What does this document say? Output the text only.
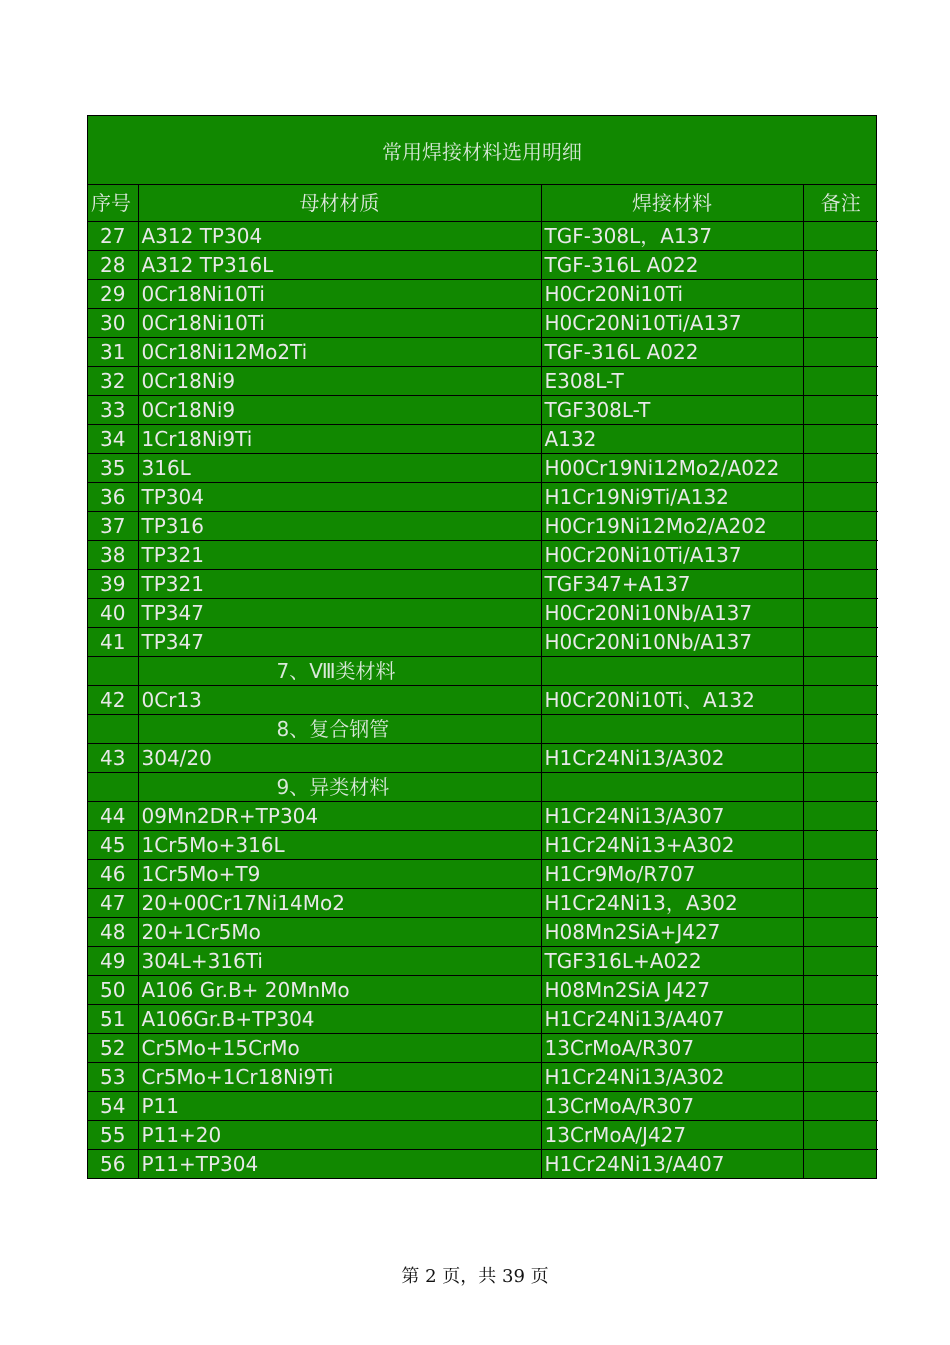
常用焊接材料选用明细
序号	母材材质	焊接材料	备注
27	A312 TP304	TGF-308L，A137	
28	A312 TP316L	TGF-316L A022	
29	0Cr18Ni10Ti	H0Cr20Ni10Ti	
30	0Cr18Ni10Ti	H0Cr20Ni10Ti/A137	
31	0Cr18Ni12Mo2Ti	TGF-316L A022	
32	0Cr18Ni9	E308L-T	
33	0Cr18Ni9	TGF308L-T	
34	1Cr18Ni9Ti	A132	
35	316L	H00Cr19Ni12Mo2/A022	
36	TP304	H1Cr19Ni9Ti/A132	
37	TP316	H0Cr19Ni12Mo2/A202	
38	TP321	H0Cr20Ni10Ti/A137	
39	TP321	TGF347+A137	
40	TP347	H0Cr20Ni10Nb/A137	
41	TP347	H0Cr20Ni10Nb/A137	
	7、Ⅷ类材料		
42	0Cr13	H0Cr20Ni10Ti、A132	
	8、复合钢管		
43	304/20	H1Cr24Ni13/A302	
	9、异类材料		
44	09Mn2DR+TP304	H1Cr24Ni13/A307	
45	1Cr5Mo+316L	H1Cr24Ni13+A302	
46	1Cr5Mo+T9	H1Cr9Mo/R707	
47	20+00Cr17Ni14Mo2	H1Cr24Ni13，A302	
48	20+1Cr5Mo	H08Mn2SiA+J427	
49	304L+316Ti	TGF316L+A022	
50	A106 Gr.B+ 20MnMo	H08Mn2SiA J427	
51	A106Gr.B+TP304	H1Cr24Ni13/A407	
52	Cr5Mo+15CrMo	13CrMoA/R307	
53	Cr5Mo+1Cr18Ni9Ti	H1Cr24Ni13/A302	
54	P11	13CrMoA/R307	
55	P11+20	13CrMoA/J427	
56	P11+TP304	H1Cr24Ni13/A407	
第 2 页，共 39 页
